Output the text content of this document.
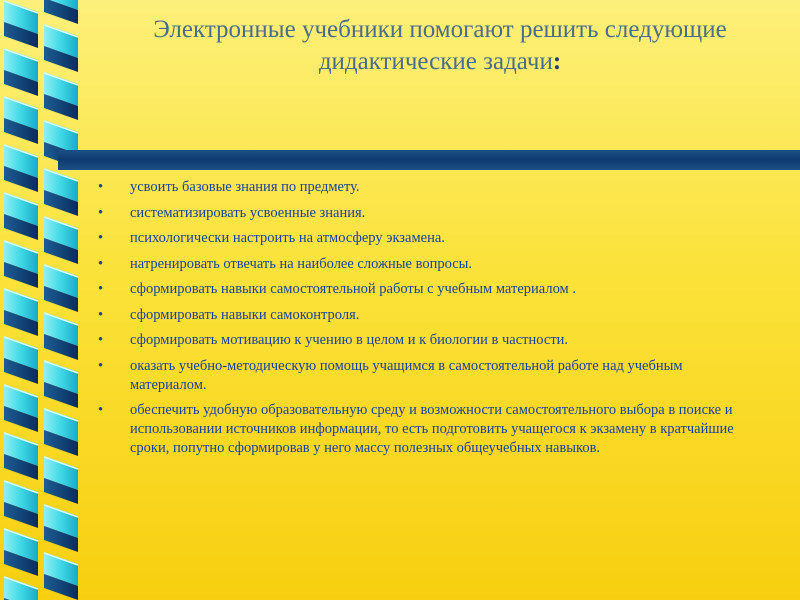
Электронные учебники помогают решить следующие
дидактические задачи:
• усвоить базовые знания по предмету.
• систематизировать усвоенные знания.
• психологически настроить на атмосферу экзамена.
• натренировать отвечать на наиболее сложные вопросы.
• сформировать навыки самостоятельной работы с учебным материалом .
• сформировать навыки самоконтроля.
• сформировать мотивацию к учению в целом и к биологии в частности.
• оказать учебно-методическую помощь учащимся в самостоятельной работе над учебным материалом.
• обеспечить удобную образовательную среду и возможности самостоятельного выбора в поиске и использовании источников информации, то есть подготовить учащегося к экзамену в кратчайшие сроки, попутно сформировав у него массу полезных общеучебных навыков.
